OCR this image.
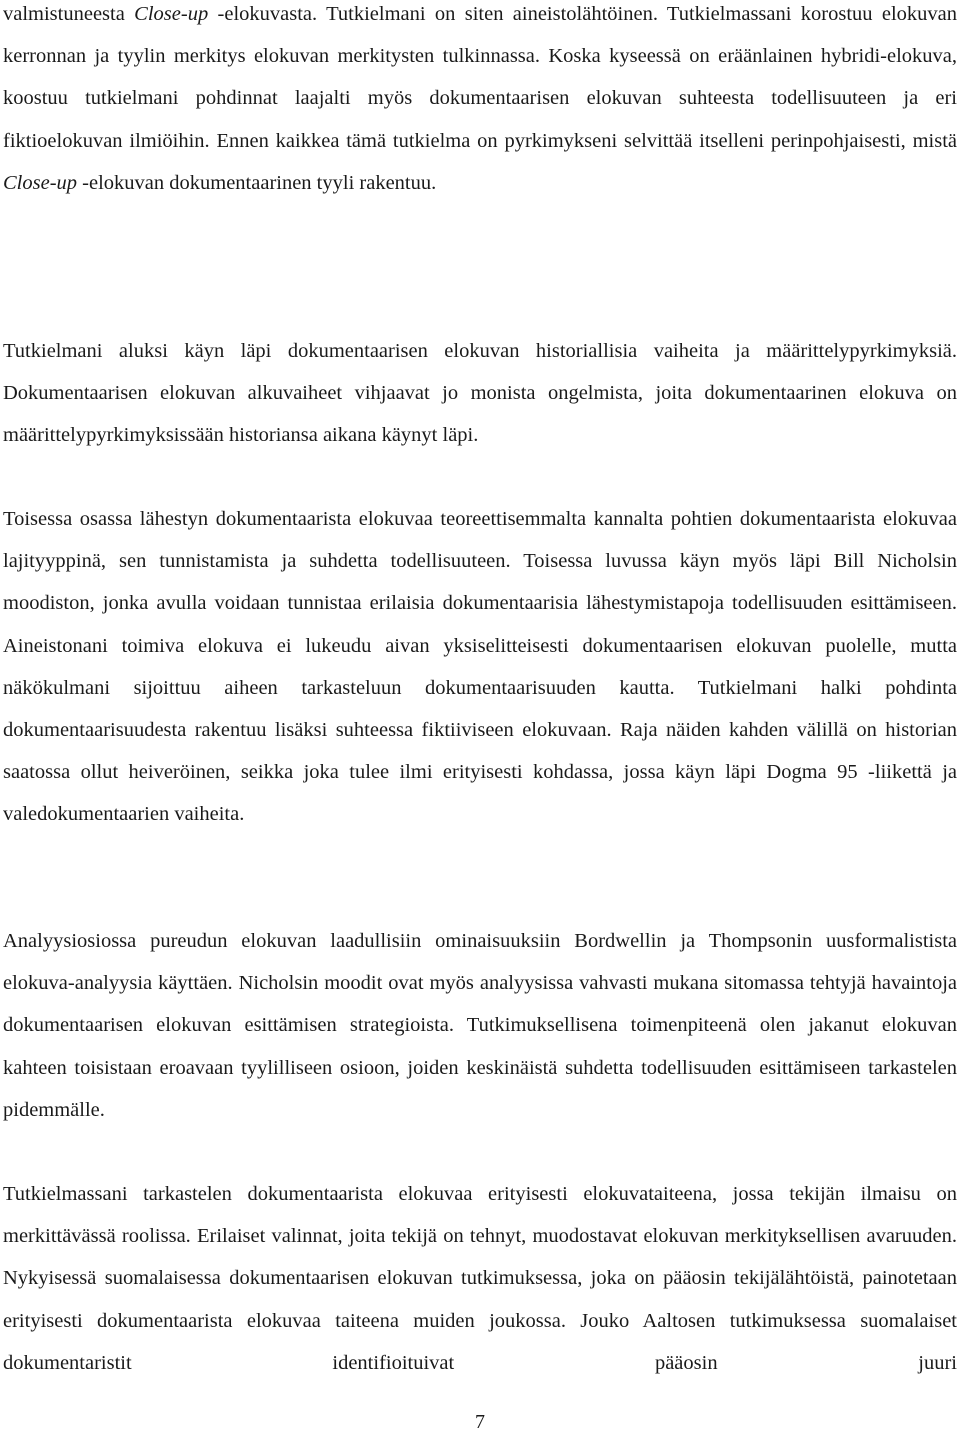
valmistuneesta Close-up -elokuvasta. Tutkielmani on siten aineistolähtöinen. Tutkielmassani korostuu elokuvan kerronnan ja tyylin merkitys elokuvan merkitysten tulkinnassa. Koska kyseessä on eräänlainen hybridi-elokuva, koostuu tutkielmani pohdinnat laajalti myös dokumentaarisen elokuvan suhteesta todellisuuteen ja eri fiktioelokuvan ilmiöihin. Ennen kaikkea tämä tutkielma on pyrkimykseni selvittää itselleni perinpohjaisesti, mistä Close-up -elokuvan dokumentaarinen tyyli rakentuu.

Tutkielmani aluksi käyn läpi dokumentaarisen elokuvan historiallisia vaiheita ja määrittelypyrkimyksiä. Dokumentaarisen elokuvan alkuvaiheet vihjaavat jo monista ongelmista, joita dokumentaarinen elokuva on määrittelypyrkimyksissään historiansa aikana käynyt läpi.

Toisessa osassa lähestyn dokumentaarista elokuvaa teoreettisemmalta kannalta pohtien dokumentaarista elokuvaa lajityyppinä, sen tunnistamista ja suhdetta todellisuuteen. Toisessa luvussa käyn myös läpi Bill Nicholsin moodiston, jonka avulla voidaan tunnistaa erilaisia dokumentaarisia lähestymistapoja todellisuuden esittämiseen. Aineistonani toimiva elokuva ei lukeudu aivan yksiselitteisesti dokumentaarisen elokuvan puolelle, mutta näkökulmani sijoittuu aiheen tarkasteluun dokumentaarisuuden kautta. Tutkielmani halki pohdinta dokumentaarisuudesta rakentuu lisäksi suhteessa fiktiiviseen elokuvaan. Raja näiden kahden välillä on historian saatossa ollut heiveröinen, seikka joka tulee ilmi erityisesti kohdassa, jossa käyn läpi Dogma 95 -liikettä ja valedokumentaarien vaiheita.

Analyysiosiossa pureudun elokuvan laadullisiin ominaisuuksiin Bordwellin ja Thompsonin uusformalistista elokuva-analyysia käyttäen. Nicholsin moodit ovat myös analyysissa vahvasti mukana sitomassa tehtyjä havaintoja dokumentaarisen elokuvan esittämisen strategioista. Tutkimuksellisena toimenpiteenä olen jakanut elokuvan kahteen toisistaan eroavaan tyylilliseen osioon, joiden keskinäistä suhdetta todellisuuden esittämiseen tarkastelen pidemmälle.

Tutkielmassani tarkastelen dokumentaarista elokuvaa erityisesti elokuvataiteena, jossa tekijän ilmaisu on merkittävässä roolissa. Erilaiset valinnat, joita tekijä on tehnyt, muodostavat elokuvan merkityksellisen avaruuden. Nykyisessä suomalaisessa dokumentaarisen elokuvan tutkimuksessa, joka on pääosin tekijälähtöistä, painotetaan erityisesti dokumentaarista elokuvaa taiteena muiden joukossa. Jouko Aaltosen tutkimuksessa suomalaiset dokumentaristit identifioituivat pääosin juuri

7
